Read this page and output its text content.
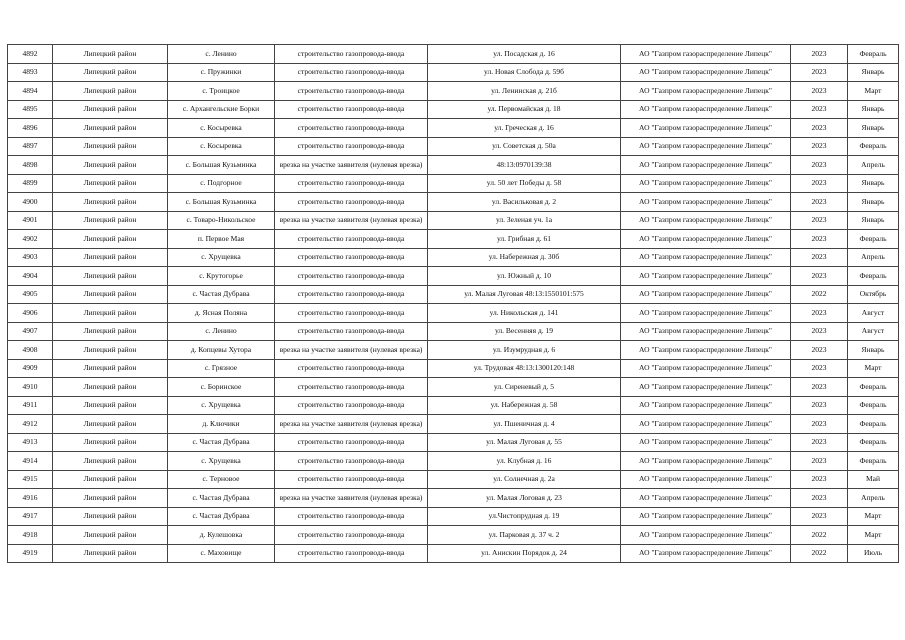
4892	Липецкий район	с. Ленино	строительство газопровода-ввода	ул. Посадская д. 16	АО "Газпром газораспределение Липецк"	2023	Февраль
4893	Липецкий район	с. Пружинки	строительство газопровода-ввода	ул. Новая Слобода д. 59б	АО "Газпром газораспределение Липецк"	2023	Январь
4894	Липецкий район	с. Троицкое	строительство газопровода-ввода	ул. Ленинская д. 21б	АО "Газпром газораспределение Липецк"	2023	Март
4895	Липецкий район	с. Архангельские Борки	строительство газопровода-ввода	ул. Первомайская д. 18	АО "Газпром газораспределение Липецк"	2023	Январь
4896	Липецкий район	с. Косыревка	строительство газопровода-ввода	ул. Греческая д. 16	АО "Газпром газораспределение Липецк"	2023	Январь
4897	Липецкий район	с. Косыревка	строительство газопровода-ввода	ул. Советская д. 50а	АО "Газпром газораспределение Липецк"	2023	Февраль
4898	Липецкий район	с. Большая Кузьминка	врезка на участке заявителя (нулевая врезка)	48:13:0970139:38	АО "Газпром газораспределение Липецк"	2023	Апрель
4899	Липецкий район	с. Подгорное	строительство газопровода-ввода	ул. 50 лет Победы д. 58	АО "Газпром газораспределение Липецк"	2023	Январь
4900	Липецкий район	с. Большая Кузьминка	строительство газопровода-ввода	ул. Васильковая д. 2	АО "Газпром газораспределение Липецк"	2023	Январь
4901	Липецкий район	с. Товаро-Никольское	врезка на участке заявителя (нулевая врезка)	ул. Зеленая уч. 1а	АО "Газпром газораспределение Липецк"	2023	Январь
4902	Липецкий район	п. Первое Мая	строительство газопровода-ввода	ул. Грибная д. 61	АО "Газпром газораспределение Липецк"	2023	Февраль
4903	Липецкий район	с. Хрущевка	строительство газопровода-ввода	ул. Набережная д. 30б	АО "Газпром газораспределение Липецк"	2023	Апрель
4904	Липецкий район	с. Крутогорье	строительство газопровода-ввода	ул. Южный д. 10	АО "Газпром газораспределение Липецк"	2023	Февраль
4905	Липецкий район	с. Частая Дубрава	строительство газопровода-ввода	ул. Малая Луговая 48:13:1550101:575	АО "Газпром газораспределение Липецк"	2022	Октябрь
4906	Липецкий район	д. Ясная Поляна	строительство газопровода-ввода	ул. Никольская д. 141	АО "Газпром газораспределение Липецк"	2023	Август
4907	Липецкий район	с. Ленино	строительство газопровода-ввода	ул. Весенняя д. 19	АО "Газпром газораспределение Липецк"	2023	Август
4908	Липецкий район	д. Копцевы Хутора	врезка на участке заявителя (нулевая врезка)	ул. Изумрудная д. 6	АО "Газпром газораспределение Липецк"	2023	Январь
4909	Липецкий район	с. Грязное	строительство газопровода-ввода	ул. Трудовая 48:13:1300120:148	АО "Газпром газораспределение Липецк"	2023	Март
4910	Липецкий район	с. Боринское	строительство газопровода-ввода	ул. Сиреневый д. 5	АО "Газпром газораспределение Липецк"	2023	Февраль
4911	Липецкий район	с. Хрущевка	строительство газопровода-ввода	ул. Набережная д. 58	АО "Газпром газораспределение Липецк"	2023	Февраль
4912	Липецкий район	д. Ключики	врезка на участке заявителя (нулевая врезка)	ул. Пшеничная д. 4	АО "Газпром газораспределение Липецк"	2023	Февраль
4913	Липецкий район	с. Частая Дубрава	строительство газопровода-ввода	ул. Малая Луговая д. 55	АО "Газпром газораспределение Липецк"	2023	Февраль
4914	Липецкий район	с. Хрущевка	строительство газопровода-ввода	ул. Клубная д. 16	АО "Газпром газораспределение Липецк"	2023	Февраль
4915	Липецкий район	с. Терновое	строительство газопровода-ввода	ул. Солнечная д. 2а	АО "Газпром газораспределение Липецк"	2023	Май
4916	Липецкий район	с. Частая Дубрава	врезка на участке заявителя (нулевая врезка)	ул. Малая Логовая д. 23	АО "Газпром газораспределение Липецк"	2023	Апрель
4917	Липецкий район	с. Частая Дубрава	строительство газопровода-ввода	ул.Чистопрудная д. 19	АО "Газпром газораспределение Липецк"	2023	Март
4918	Липецкий район	д. Кулешовка	строительство газопровода-ввода	ул. Парковая д. 37 ч. 2	АО "Газпром газораспределение Липецк"	2022	Март
4919	Липецкий район	с. Маховище	строительство газопровода-ввода	ул. Анискин Порядок д. 24	АО "Газпром газораспределение Липецк"	2022	Июль
